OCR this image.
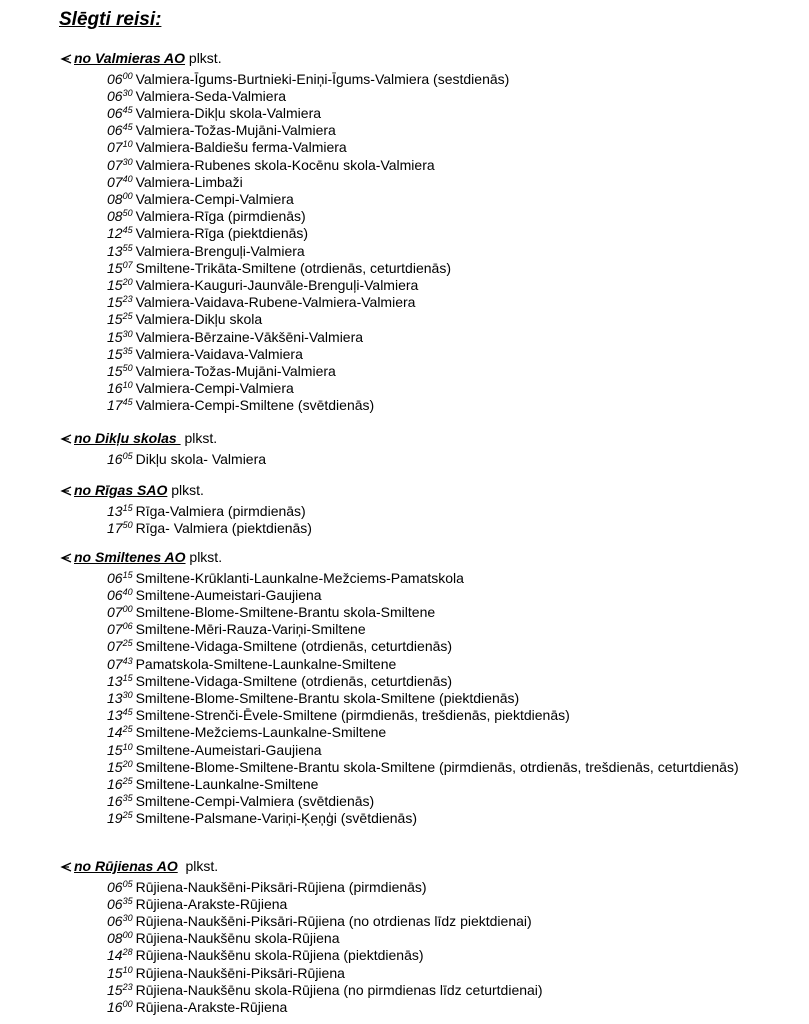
Slēgti reisi:
no Valmieras AO plkst.
$06^{00}$ Valmiera-Īgums-Burtnieki-Eniņi-Īgums-Valmiera (sestdienās)
$06^{30}$ Valmiera-Seda-Valmiera
$06^{45}$ Valmiera-Dikļu skola-Valmiera
$06^{45}$ Valmiera-Tožas-Mujāni-Valmiera
$07^{10}$ Valmiera-Baldiešu ferma-Valmiera
$07^{30}$ Valmiera-Rubenes skola-Kocēnu skola-Valmiera
$07^{40}$ Valmiera-Limbaži
$08^{00}$ Valmiera-Cempi-Valmiera
$08^{50}$ Valmiera-Rīga (pirmdienās)
$12^{45}$ Valmiera-Rīga (piektdienās)
$13^{55}$ Valmiera-Brenguļi-Valmiera
$15^{07}$ Smiltene-Trikāta-Smiltene (otrdienās, ceturtdienās)
$15^{20}$ Valmiera-Kauguri-Jaunvāle-Brenguļi-Valmiera
$15^{23}$ Valmiera-Vaidava-Rubene-Valmiera-Valmiera
$15^{25}$ Valmiera-Dikļu skola
$15^{30}$ Valmiera-Bērzaine-Vākšēni-Valmiera
$15^{35}$ Valmiera-Vaidava-Valmiera
$15^{50}$ Valmiera-Tožas-Mujāni-Valmiera
$16^{10}$ Valmiera-Cempi-Valmiera
$17^{45}$ Valmiera-Cempi-Smiltene (svētdienās)
no Dikļu skolas  plkst.
$16^{05}$ Dikļu skola- Valmiera
no Rīgas SAO plkst.
$13^{15}$ Rīga-Valmiera (pirmdienās)
$17^{50}$ Rīga- Valmiera (piektdienās)
no Smiltenes AO plkst.
$06^{15}$ Smiltene-Krūklanti-Launkalne-Mežciems-Pamatskola
$06^{40}$ Smiltene-Aumeistari-Gaujiena
$07^{00}$ Smiltene-Blome-Smiltene-Brantu skola-Smiltene
$07^{06}$ Smiltene-Mēri-Rauza-Variņi-Smiltene
$07^{25}$ Smiltene-Vidaga-Smiltene (otrdienās, ceturtdienās)
$07^{43}$ Pamatskola-Smiltene-Launkalne-Smiltene
$13^{15}$ Smiltene-Vidaga-Smiltene (otrdienās, ceturtdienās)
$13^{30}$ Smiltene-Blome-Smiltene-Brantu skola-Smiltene (piektdienās)
$13^{45}$ Smiltene-Strenči-Ēvele-Smiltene (pirmdienās, trešdienās, piektdienās)
$14^{25}$ Smiltene-Mežciems-Launkalne-Smiltene
$15^{10}$ Smiltene-Aumeistari-Gaujiena
$15^{20}$ Smiltene-Blome-Smiltene-Brantu skola-Smiltene (pirmdienās, otrdienās, trešdienās, ceturtdienās)
$16^{25}$ Smiltene-Launkalne-Smiltene
$16^{35}$ Smiltene-Cempi-Valmiera (svētdienās)
$19^{25}$ Smiltene-Palsmane-Variņi-Ķeņģi (svētdienās)
no Rūjienas AO  plkst.
$06^{05}$ Rūjiena-Naukšēni-Piksāri-Rūjiena (pirmdienās)
$06^{35}$ Rūjiena-Arakste-Rūjiena
$06^{30}$ Rūjiena-Naukšēni-Piksāri-Rūjiena (no otrdienas līdz piektdienai)
$08^{00}$ Rūjiena-Naukšēnu skola-Rūjiena
$14^{28}$ Rūjiena-Naukšēnu skola-Rūjiena (piektdienās)
$15^{10}$ Rūjiena-Naukšēni-Piksāri-Rūjiena
$15^{23}$ Rūjiena-Naukšēnu skola-Rūjiena (no pirmdienas līdz ceturtdienai)
$16^{00}$ Rūjiena-Arakste-Rūjiena
